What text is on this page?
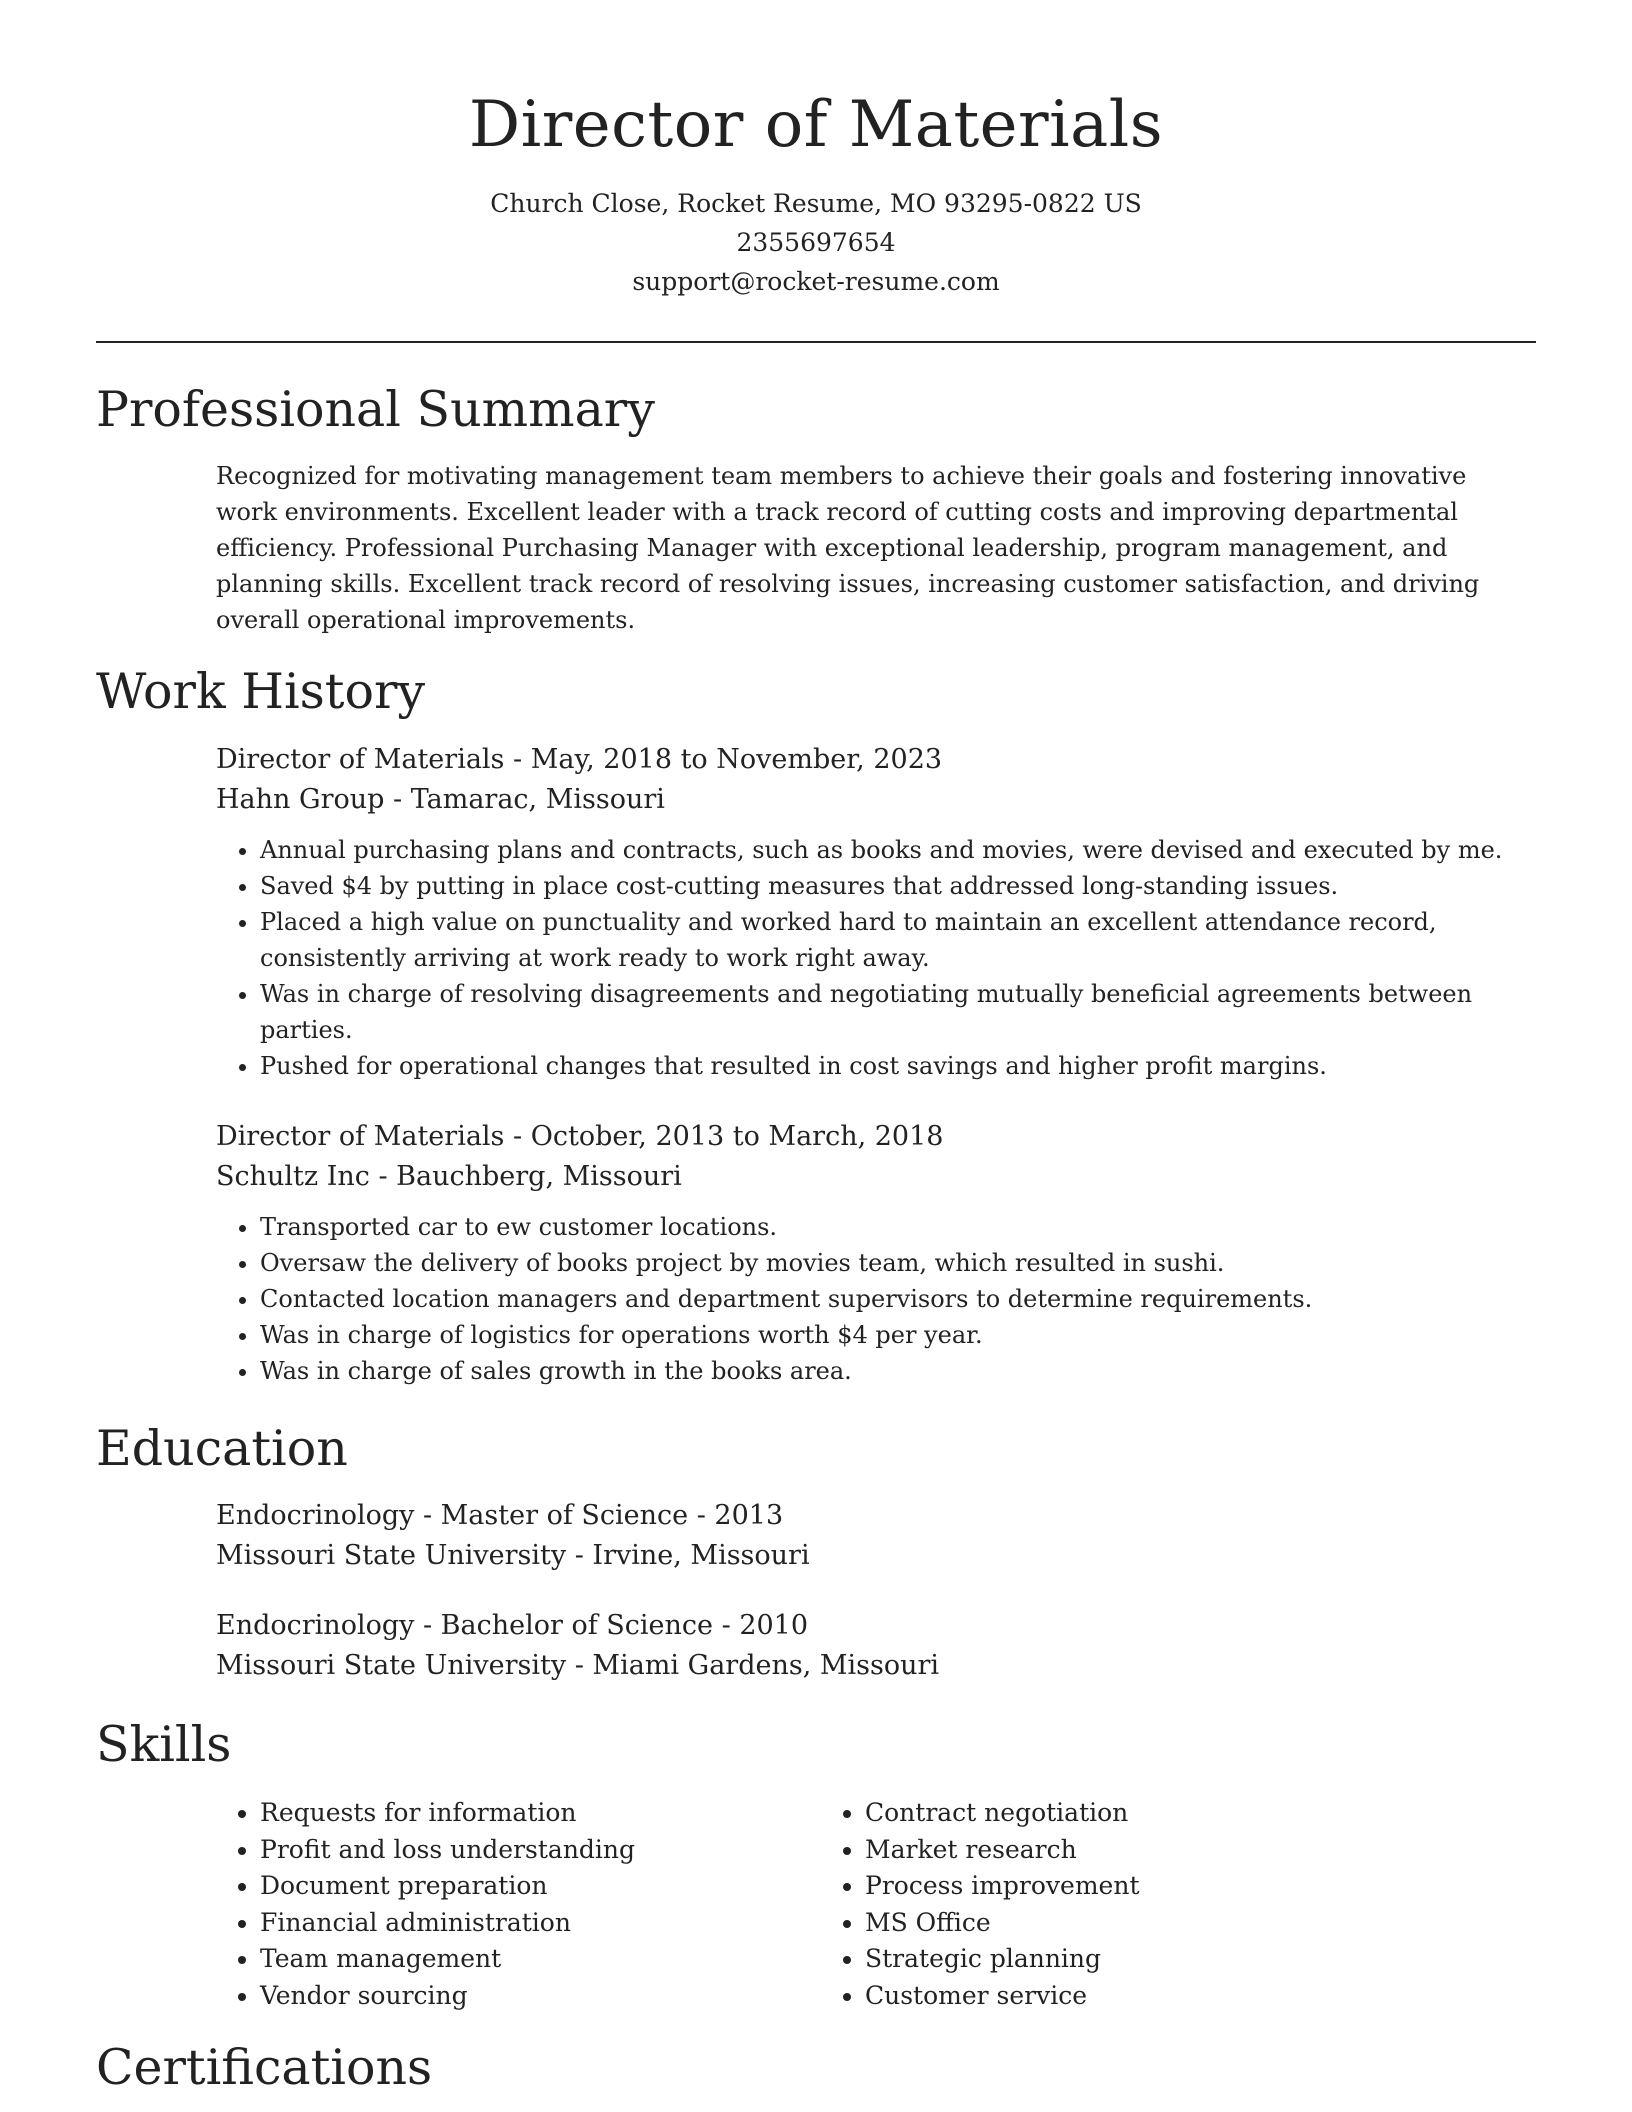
Director of Materials

Church Close, Rocket Resume, MO 93295-0822 US

2355697654

support@rocket-resume.com

Professional Summary

Recognized for motivating management team members to achieve their goals and fostering innovative work environments. Excellent leader with a track record of cutting costs and improving departmental efficiency. Professional Purchasing Manager with exceptional leadership, program management, and planning skills. Excellent track record of resolving issues, increasing customer satisfaction, and driving overall operational improvements.

Work History

Director of Materials - May, 2018 to November, 2023

Hahn Group - Tamarac, Missouri

• Annual purchasing plans and contracts, such as books and movies, were devised and executed by me.
• Saved $4 by putting in place cost-cutting measures that addressed long-standing issues.
• Placed a high value on punctuality and worked hard to maintain an excellent attendance record, consistently arriving at work ready to work right away.
• Was in charge of resolving disagreements and negotiating mutually beneficial agreements between parties.
• Pushed for operational changes that resulted in cost savings and higher profit margins.

Director of Materials - October, 2013 to March, 2018

Schultz Inc - Bauchberg, Missouri

• Transported car to ew customer locations.
• Oversaw the delivery of books project by movies team, which resulted in sushi.
• Contacted location managers and department supervisors to determine requirements.
• Was in charge of logistics for operations worth $4 per year.
• Was in charge of sales growth in the books area.
Education

Endocrinology - Master of Science - 2013

Missouri State University - Irvine, Missouri

Endocrinology - Bachelor of Science - 2010

Missouri State University - Miami Gardens, Missouri

Skills
• Requests for information
• Profit and loss understanding
• Document preparation
• Financial administration
• Team management
• Vendor sourcing
• Contract negotiation
• Market research
• Process improvement
• MS Office
• Strategic planning
• Customer service
Certifications
